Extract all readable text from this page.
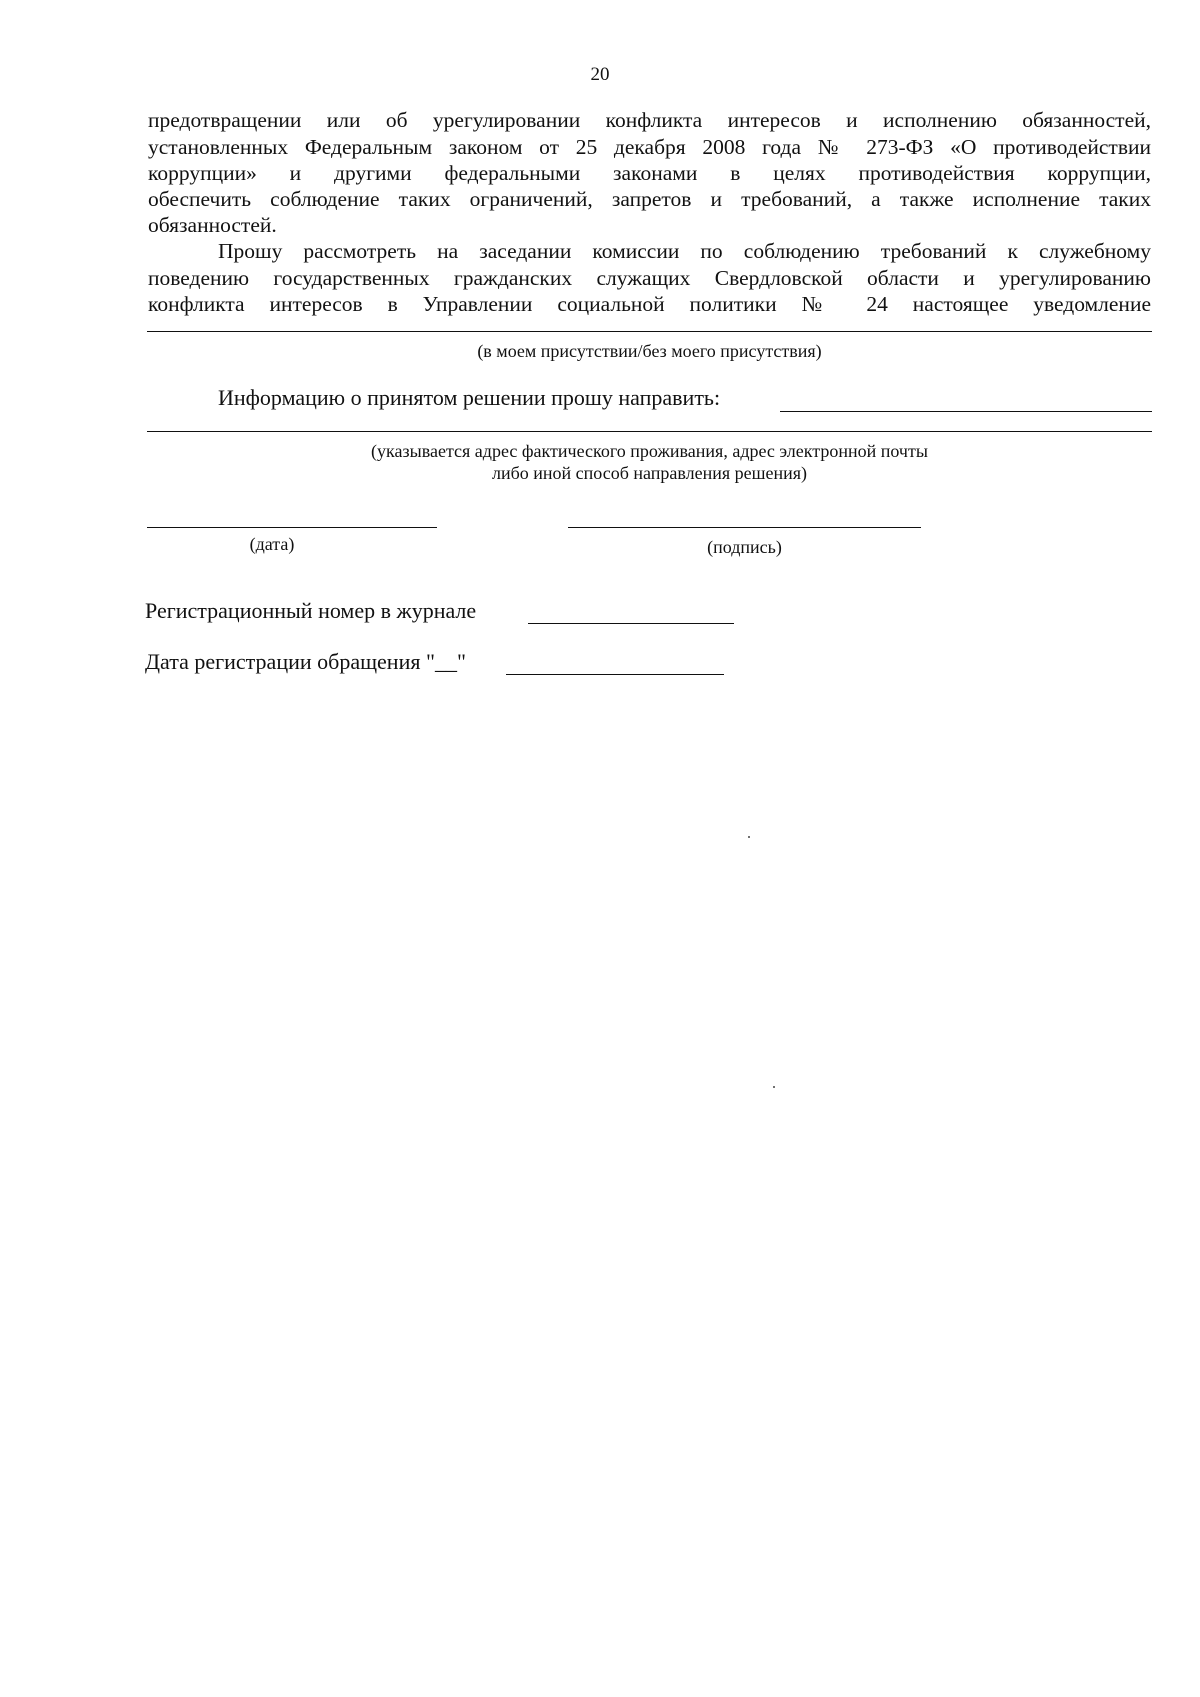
20
предотвращении или об урегулировании конфликта интересов и исполнению обязанностей,
установленных Федеральным законом от 25 декабря 2008 года № 273-ФЗ «О противодействии
коррупции» и другими федеральными законами в целях противодействия коррупции,
обеспечить соблюдение таких ограничений, запретов и требований, а также исполнение таких
обязанностей.
Прошу рассмотреть на заседании комиссии по соблюдению требований к служебному
поведению государственных гражданских служащих Свердловской области и урегулированию
конфликта интересов в Управлении социальной политики № 24 настоящее уведомление
(в моем присутствии/без моего присутствия)
Информацию о принятом решении прошу направить:
(указывается адрес фактического проживания, адрес электронной почты
либо иной способ направления решения)
(дата)	(подпись)
Регистрационный номер в журнале
Дата регистрации обращения "__"
